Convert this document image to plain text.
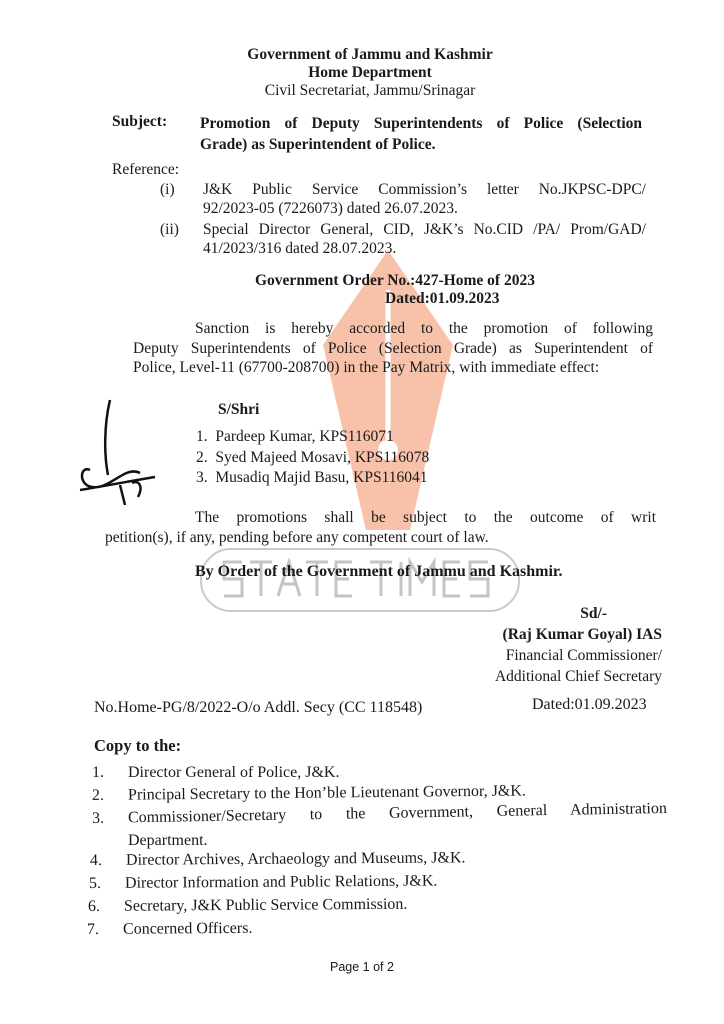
Government of Jammu and Kashmir
Home Department
Civil Secretariat, Jammu/Srinagar
Subject: Promotion of Deputy Superintendents of Police (Selection
Grade) as Superintendent of Police.
Reference:
(i)	J&K Public Service Commission’s letter No.JKPSC-DPC/
92/2023-05 (7226073) dated 26.07.2023.
(ii)	Special Director General, CID, J&K’s No.CID /PA/ Prom/GAD/
41/2023/316 dated 28.07.2023.
Government Order No.:427-Home of 2023
Dated:01.09.2023
Sanction is hereby accorded to the promotion of following
Deputy Superintendents of Police (Selection Grade) as Superintendent of
Police, Level-11 (67700-208700) in the Pay Matrix, with immediate effect:
S/Shri
1.  Pardeep Kumar, KPS116071
2.  Syed Majeed Mosavi, KPS116078
3.  Musadiq Majid Basu, KPS116041
The promotions shall be subject to the outcome of writ
petition(s), if any, pending before any competent court of law.
By Order of the Government of Jammu and Kashmir.
Sd/-
(Raj Kumar Goyal) IAS
Financial Commissioner/
Additional Chief Secretary
No.Home-PG/8/2022-O/o Addl. Secy (CC 118548)	Dated:01.09.2023
Copy to the:
1. Director General of Police, J&K.
2. Principal Secretary to the Hon’ble Lieutenant Governor, J&K.
3. Commissioner/Secretary to the Government, General Administration
Department.
4. Director Archives, Archaeology and Museums, J&K.
5. Director Information and Public Relations, J&K.
6. Secretary, J&K Public Service Commission.
7. Concerned Officers.
Page 1 of 2
